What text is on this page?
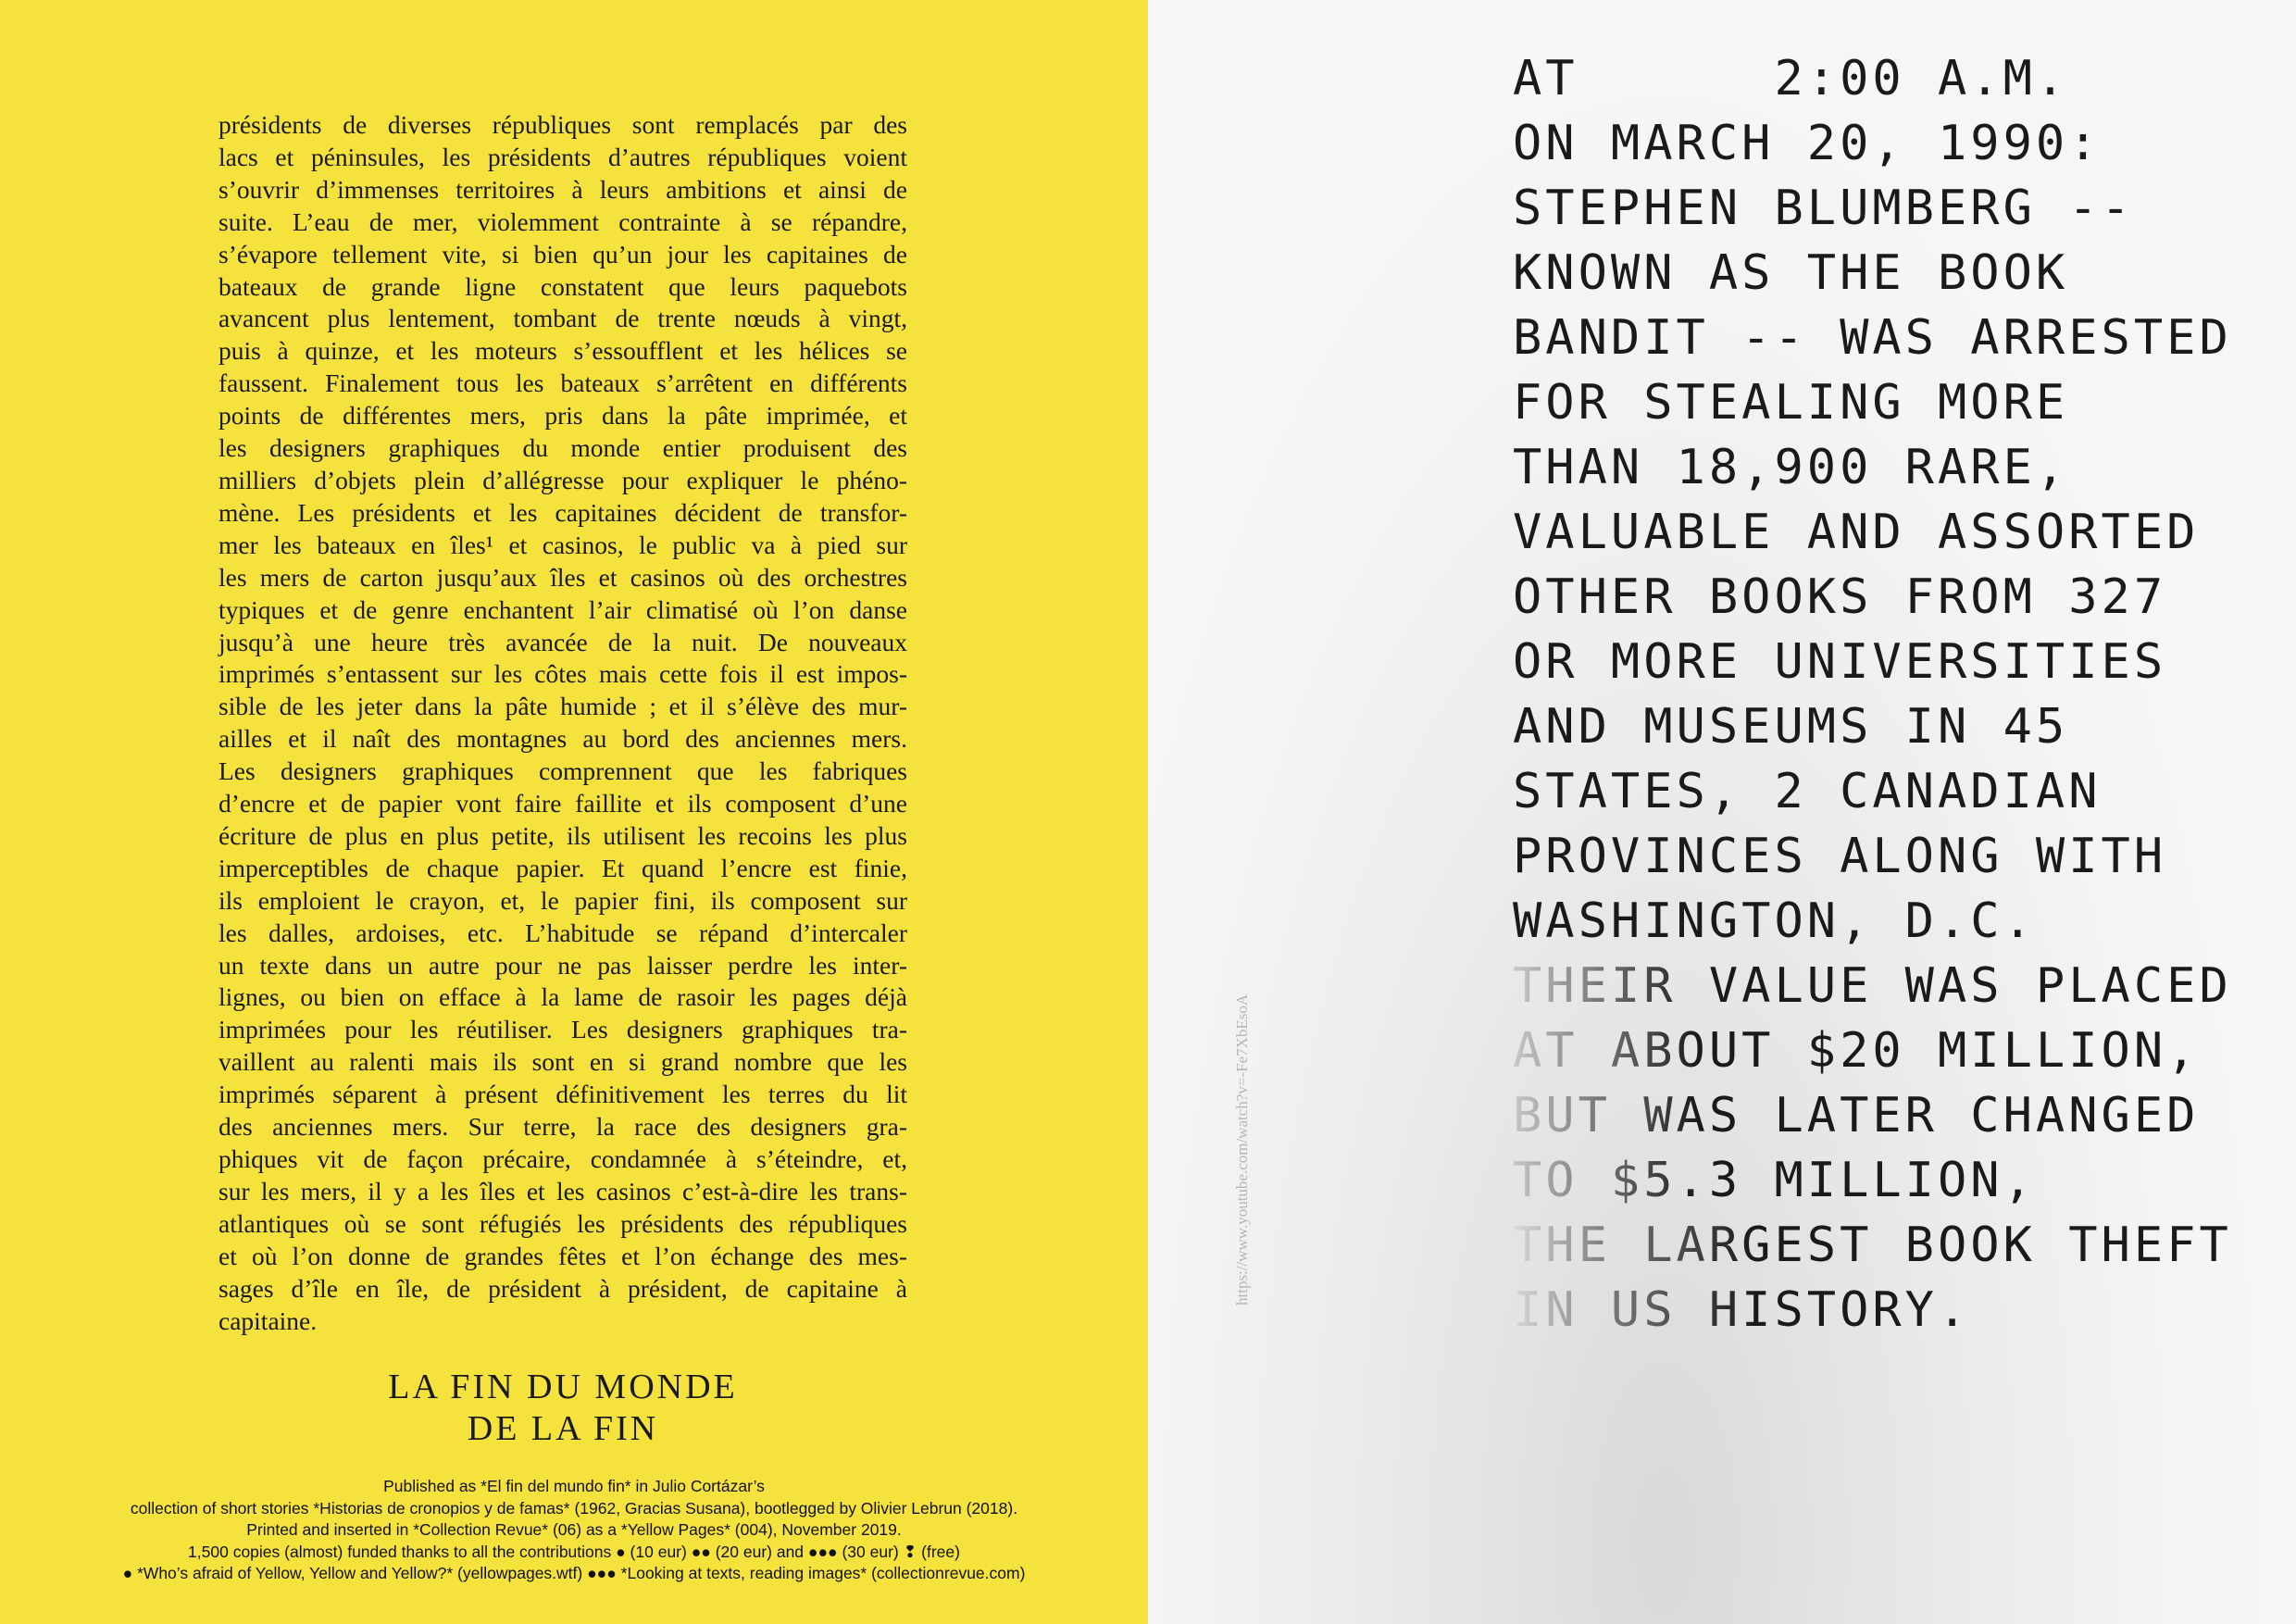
présidents de diverses républiques sont remplacés par des
lacs et péninsules, les présidents d’autres républiques voient
s’ouvrir d’immenses territoires à leurs ambitions et ainsi de
suite. L’eau de mer, violemment contrainte à se répandre,
s’évapore tellement vite, si bien qu’un jour les capitaines de
bateaux de grande ligne constatent que leurs paquebots
avancent plus lentement, tombant de trente nœuds à vingt,
puis à quinze, et les moteurs s’essoufflent et les hélices se
faussent. Finalement tous les bateaux s’arrêtent en différents
points de différentes mers, pris dans la pâte imprimée, et
les designers graphiques du monde entier produisent des
milliers d’objets plein d’allégresse pour expliquer le phéno-
mène. Les présidents et les capitaines décident de transfor-
mer les bateaux en îles¹ et casinos, le public va à pied sur
les mers de carton jusqu’aux îles et casinos où des orchestres
typiques et de genre enchantent l’air climatisé où l’on danse
jusqu’à une heure très avancée de la nuit. De nouveaux
imprimés s’entassent sur les côtes mais cette fois il est impos-
sible de les jeter dans la pâte humide ; et il s’élève des mur-
ailles et il naît des montagnes au bord des anciennes mers.
Les designers graphiques comprennent que les fabriques
d’encre et de papier vont faire faillite et ils composent d’une
écriture de plus en plus petite, ils utilisent les recoins les plus
imperceptibles de chaque papier. Et quand l’encre est finie,
ils emploient le crayon, et, le papier fini, ils composent sur
les dalles, ardoises, etc. L’habitude se répand d’intercaler
un texte dans un autre pour ne pas laisser perdre les inter-
lignes, ou bien on efface à la lame de rasoir les pages déjà
imprimées pour les réutiliser. Les designers graphiques tra-
vaillent au ralenti mais ils sont en si grand nombre que les
imprimés séparent à présent définitivement les terres du lit
des anciennes mers. Sur terre, la race des designers gra-
phiques vit de façon précaire, condamnée à s’éteindre, et,
sur les mers, il y a les îles et les casinos c’est-à-dire les trans-
atlantiques où se sont réfugiés les présidents des républiques
et où l’on donne de grandes fêtes et l’on échange des mes-
sages d’île en île, de président à président, de capitaine à
capitaine.
LA FIN DU MONDE
DE LA FIN
Published as *El fin del mundo fin* in Julio Cortázar’s
collection of short stories *Historias de cronopios y de famas* (1962, Gracias Susana), bootlegged by Olivier Lebrun (2018).
Printed and inserted in *Collection Revue* (06) as a *Yellow Pages* (004), November 2019.
1,500 copies (almost) funded thanks to all the contributions ● (10 eur) ●● (20 eur) and ●●● (30 eur) ❢ (free)
● *Who’s afraid of Yellow, Yellow and Yellow?* (yellowpages.wtf) ●●● *Looking at texts, reading images* (collectionrevue.com)
https://www.youtube.com/watch?v=-Fe7XbEsoA
AT      2:00 A.M.
ON MARCH 20, 1990:
STEPHEN BLUMBERG --
KNOWN AS THE BOOK
BANDIT -- WAS ARRESTED
FOR STEALING MORE
THAN 18,900 RARE,
VALUABLE AND ASSORTED
OTHER BOOKS FROM 327
OR MORE UNIVERSITIES
AND MUSEUMS IN 45
STATES, 2 CANADIAN
PROVINCES ALONG WITH
WASHINGTON, D.C.
THEIR VALUE WAS PLACED
AT ABOUT $20 MILLION,
BUT WAS LATER CHANGED
TO $5.3 MILLION,
THE LARGEST BOOK THEFT
IN US HISTORY.
